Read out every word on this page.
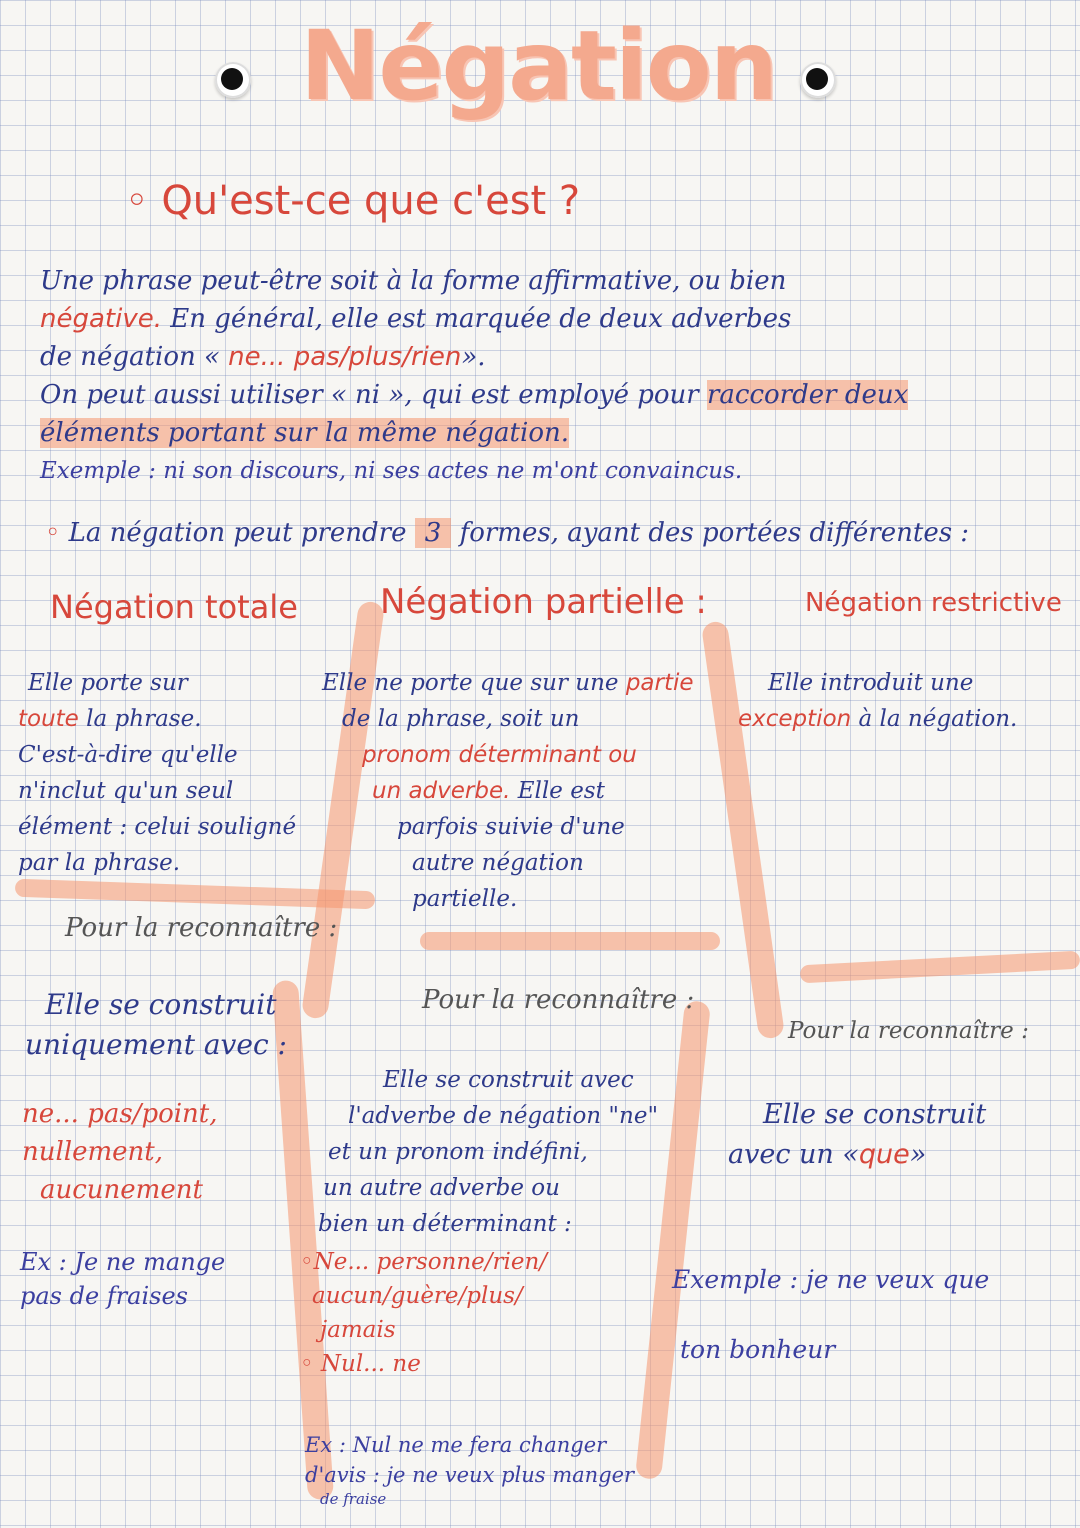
Négation
◦ Qu'est-ce que c'est ?
Une phrase peut-être soit à la forme affirmative, ou bien
négative. En général, elle est marquée de deux adverbes
de négation « ne... pas/plus/rien».
On peut aussi utiliser « ni », qui est employé pour raccorder deux
éléments portant sur la même négation.
Exemple : ni son discours, ni ses actes ne m'ont convaincus.
◦ La négation peut prendre 3 formes, ayant des portées différentes :
Négation totale
Elle porte sur
toute la phrase.
C'est-à-dire qu'elle
n'inclut qu'un seul
élément : celui souligné
par la phrase.
Pour la reconnaître :
Elle se construit
uniquement avec :
ne... pas/point,
nullement,
aucunement
Ex : Je ne mange
pas de fraises
Négation partielle :
Elle ne porte que sur une partie
de la phrase, soit un
pronom déterminant ou
un adverbe. Elle est
parfois suivie d'une
autre négation
partielle.
Pour la reconnaître :
Elle se construit avec
l'adverbe de négation "ne"
et un pronom indéfini,
un autre adverbe ou
bien un déterminant :
◦Ne... personne/rien/
aucun/guère/plus/
jamais
◦ Nul... ne
Ex : Nul ne me fera changer
d'avis : je ne veux plus manger
de fraise
Négation restrictive
Elle introduit une
exception à la négation.
Pour la reconnaître :
Elle se construit
avec un «que»
Exemple : je ne veux que
ton bonheur
